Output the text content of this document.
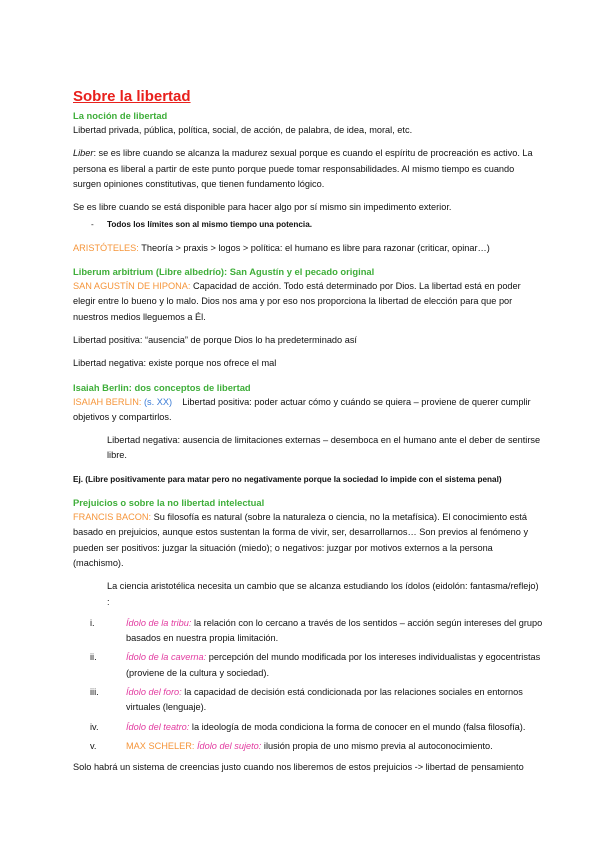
Sobre la libertad
La noción de libertad

Libertad privada, pública, política, social, de acción, de palabra, de idea, moral, etc.

Liber: se es libre cuando se alcanza la madurez sexual porque es cuando el espíritu de procreación es activo. La persona es liberal a partir de este punto porque puede tomar responsabilidades. Al mismo tiempo es cuando surgen opiniones constitutivas, que tienen fundamento lógico.

Se es libre cuando se está disponible para hacer algo por sí mismo sin impedimento exterior.

- Todos los límites son al mismo tiempo una potencia.

ARISTÓTELES: Theoría > praxis > logos > política: el humano es libre para razonar (criticar, opinar…)

Liberum arbitrium (Libre albedrío): San Agustín y el pecado original

SAN AGUSTÍN DE HIPONA: Capacidad de acción. Todo está determinado por Dios. La libertad está en poder elegir entre lo bueno y lo malo. Dios nos ama y por eso nos proporciona la libertad de elección para que por nuestros medios lleguemos a Él.

Libertad positiva: “ausencia” de porque Dios lo ha predeterminado así

Libertad negativa: existe porque nos ofrece el mal

Isaiah Berlin: dos conceptos de libertad

ISAIAH BERLIN: (s. XX) Libertad positiva: poder actuar cómo y cuándo se quiera – proviene de querer cumplir objetivos y compartirlos.

Libertad negativa: ausencia de limitaciones externas – desemboca en el humano ante el deber de sentirse libre.

Ej. (Libre positivamente para matar pero no negativamente porque la sociedad lo impide con el sistema penal)

Prejuicios o sobre la no libertad intelectual

FRANCIS BACON: Su filosofía es natural (sobre la naturaleza o ciencia, no la metafísica). El conocimiento está basado en prejuicios, aunque estos sustentan la forma de vivir, ser, desarrollarnos… Son previos al fenómeno y pueden ser positivos: juzgar la situación (miedo); o negativos: juzgar por motivos externos a la persona (machismo).

La ciencia aristotélica necesita un cambio que se alcanza estudiando los ídolos (eidolón: fantasma/reflejo) :

i.	Ídolo de la tribu: la relación con lo cercano a través de los sentidos – acción según intereses del grupo basados en nuestra propia limitación.
ii.	Ídolo de la caverna: percepción del mundo modificada por los intereses individualistas y egocentristas (proviene de la cultura y sociedad).
iii.	Ídolo del foro: la capacidad de decisión está condicionada por las relaciones sociales en entornos virtuales (lenguaje).
iv.	Ídolo del teatro: la ideología de moda condiciona la forma de conocer en el mundo (falsa filosofía).
v.	MAX SCHELER: Ídolo del sujeto: ilusión propia de uno mismo previa al autoconocimiento.

Solo habrá un sistema de creencias justo cuando nos liberemos de estos prejuicios -> libertad de pensamiento
